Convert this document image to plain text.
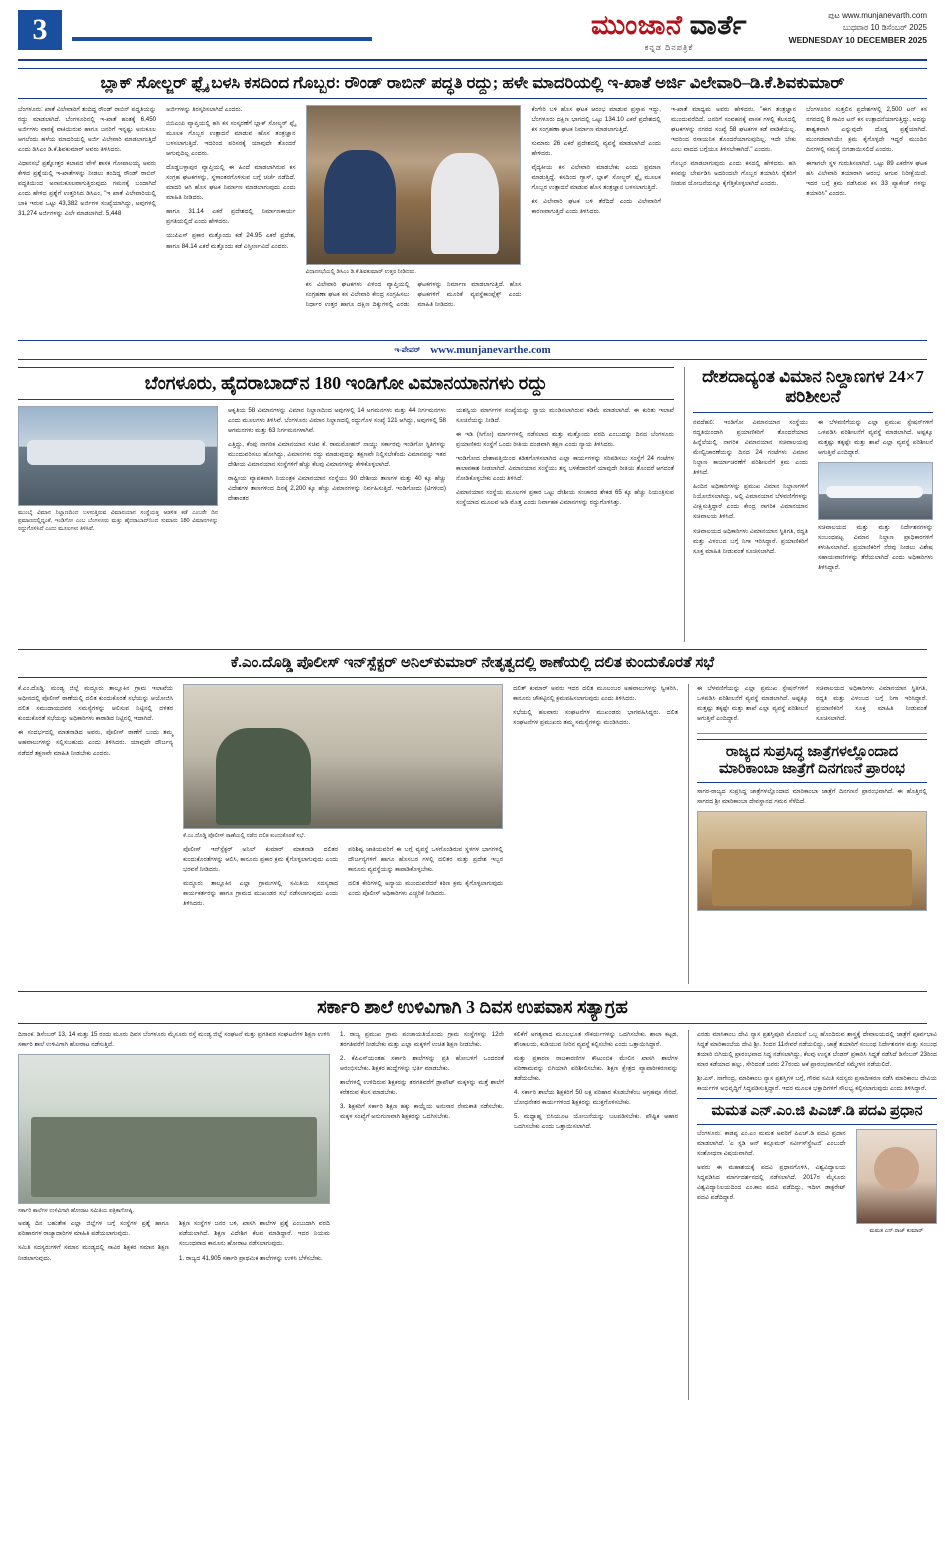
3	ಮುಂಜಾನೆ ವಾರ್ತೆ
ಕನ್ನಡ ದಿನಪತ್ರಿಕೆ
ಪುಟ www.munjanevarth.com
ಬುಧವಾರ 10 ಡಿಸೆಂಬರ್ 2025
WEDNESDAY 10 DECEMBER 2025
ಬ್ಲಾಕ್ ಸೋಲ್ಜರ್ ಫ್ಲೈ ಬಳಸಿ ಕಸದಿಂದ ಗೊಬ್ಬರ: ರೌಂಡ್ ರಾಬಿನ್ ಪದ್ಧತಿ ರದ್ದು; ಹಳೇ ಮಾದರಿಯಲ್ಲಿ ಇ-ಖಾತೆ ಅರ್ಜಿ ವಿಲೇವಾರಿ–ಡಿ.ಕೆ.ಶಿವಕುಮಾರ್

ಬೆಂಗಳೂರು: ಖಾತೆ ವಿಲೇವಾರಿಗೆ ತಂದಿದ್ದ ರೌಂಡ್ ರಾಬಿನ್ ಪದ್ಧತಿಯನ್ನು ರದ್ದು ಮಾಡಲಾಗಿದೆ. ಬೆಂಗಳೂರಿನಲ್ಲಿ ಇ-ಖಾತೆ ಹಂತಕ್ಕೆ 6,450 ಅರ್ಜಿಗಳು ವಾರಕ್ಕೆ ವಾಕಿಯಿರುವ ಹಾಗೂ ಜನರಿಗೆ ಇನ್ನಷ್ಟು ಅನುಕೂಲ ಆಗಲೆಂದು ಹಳೆಯ ಮಾದರಿಯಲ್ಲಿ ಅರ್ಜಿ ವಿಲೇವಾರಿ ಮಾಡಲಾಗುತ್ತಿದೆ ಎಂದು ಡಿಸಿಎಂ ಡಿ.ಕೆ.ಶಿವಕುಮಾರ್ ಅವರು ತಿಳಿಸಿದರು.

ವಿಧಾನಸಭೆ ಪ್ರಶ್ನೋತ್ತರ ಕಲಾಪದ ವೇಳೆ ಶಾಸಕ ಗೋಪಾಲಯ್ಯ ಅವರು ಕೇಳಿದ ಪ್ರಶ್ನೆಯಲ್ಲಿ ಇ-ಖಾತೆಗಳನ್ನು ನೀಡಲು ತಂದಿದ್ದ ರೌಂಡ್ ರಾಬಿನ್ ಪದ್ಧತಿಯಿಂದ ಅನಾನುಕೂಲವಾಗುತ್ತಿರುವುದು ಗಮನಕ್ಕೆ ಬಂದಾಗಿದೆ ಎಂದು ಹೇಳಿದ ಪ್ರಶ್ನೆಗೆ ಉತ್ತರಿಸಿದ ಡಿಸಿಎಂ, "ಇ ಖಾತೆ ವಿಲೇವಾರಿಯಲ್ಲಿ ಬಾಕಿ ಇರುವ ಒಟ್ಟು 43,382 ಅರ್ಜಿಗಳ ಸಂಖ್ಯೆಯಾಗಿದ್ದು, ಅವುಗಳಲ್ಲಿ 31,274 ಅರ್ಜಿಗಳನ್ನು ವಿಲೇ ಮಾಡಲಾಗಿದೆ. 5,448

ಅರ್ಜಿಗಳನ್ನು ತಿರಸ್ಕರಿಸಲಾಗಿದೆ ಎಂದರು.

ಬಿಬಿಎಂಪಿ ವ್ಯಾಪ್ತಿಯಲ್ಲಿ ಹಸಿ ಕಸ ಸಂಸ್ಕರಣೆಗೆ ಬ್ಲಾಕ್ ಸೋಲ್ಜರ್ ಫ್ಲೈ ಮೂಲಕ ಗೊಬ್ಬರ ಉತ್ಪಾದನೆ ಮಾಡುವ ಹೊಸ ತಂತ್ರಜ್ಞಾನ ಬಳಸಲಾಗುತ್ತಿದೆ. ಇದರಿಂದ ಪರಿಸರಕ್ಕೆ ಯಾವುದೇ ತೊಂದರೆ ಆಗುವುದಿಲ್ಲ ಎಂದರು.

ದೊಡ್ಡಬಳ್ಳಾಪುರ ವ್ಯಾಪ್ತಿಯಲ್ಲಿ ಈ ಹಿಂದೆ ಮಾಡಲಾಗಿರುವ ಕಸ ಸಂಗ್ರಹ ಘಟಕಗಳನ್ನು, ಸ್ಥಳಾಂತರಗೊಳಿಸುವ ಬಗ್ಗೆ ಚರ್ಚೆ ನಡೆದಿದೆ. ಮಾದರಿ ಆಗಿ ಹೊಸ ಘಟಕ ನಿರ್ಮಾಣ ಮಾಡಲಾಗುವುದು ಎಂದು ಮಾಹಿತಿ ನೀಡಿದರು.

ಹಾಗೂ 31.14 ಎಕರೆ ಪ್ರದೇಶದಲ್ಲಿ ನಿರ್ಮಾಣಕಾರ್ಯ ಪ್ರಗತಿಯಲ್ಲಿದೆ ಎಂದು ಹೇಳಿದರು.

ಯುಪಿಎಸ್ ಪ್ರಕಾರ ಮತ್ತೊಂದು ಕಡೆ 24.95 ಎಕರೆ ಪ್ರದೇಶ, ಹಾಗೂ 84.14 ಎಕರೆ ಮತ್ತೊಂದು ಕಡೆ ವಿಸ್ತೀರ್ಣವಿದೆ ಎಂದರು.

ವಿಧಾನಸಭೆಯಲ್ಲಿ ಡಿಸಿಎಂ ಡಿ.ಕೆ.ಶಿವಕುಮಾರ್ ಉತ್ತರ ನೀಡಿದರು.

ಕಸ ವಿಲೇವಾರಿ ಘಟಕಗಳು ಏಳಿಂದ ವ್ಯಾಪ್ತಿಯಲ್ಲಿ ಸಂಗ್ರಹಣಾ ಘಟಕ ಕಸ ವಿಲೇವಾರಿ ಕೇಂದ್ರ ಸಂಗ್ರಹಿಸಲು ನಿರ್ಧಾರ ಉತ್ತರ ಹಾಗೂ ದಕ್ಷಿಣ ದಿಕ್ಕುಗಳಲ್ಲಿ ಎರಡು ಘಟಕಗಳನ್ನು ನಿರ್ಮಾಣ ಮಾಡಲಾಗುತ್ತಿದೆ. ಹೊಸ ಘಟಕಗಳಿಗೆ ಮೂರಿಕೆ ವ್ಯವಸ್ಥೆಕಾಂಪ್ಲೆಕ್ಸ್ ಎಂದು ಮಾಹಿತಿ ನೀಡಿದರು.

ಕೆಂಗೇರಿ ಬಳಿ ಹೊಸ ಘಟಕ ಆರಂಭ ಮಾಡುವ ಪ್ರಸ್ತಾಪ ಇದ್ದು, ಬೆಂಗಳೂರು ದಕ್ಷಿಣ ಭಾಗದಲ್ಲಿ ಒಟ್ಟು 134.10 ಎಕರೆ ಪ್ರದೇಶದಲ್ಲಿ ಕಸ ಸಂಗ್ರಹಣಾ ಘಟಕ ನಿರ್ಮಾಣ ಮಾಡಲಾಗುತ್ತಿದೆ.

ಸುಮಾರು 26 ಎಕರೆ ಪ್ರದೇಶದಲ್ಲಿ ವ್ಯವಸ್ಥೆ ಮಾಡಲಾಗಿದೆ ಎಂದು ಹೇಳಿದರು.

ವೈದ್ಯಕೀಯ ಕಸ ವಿಲೇವಾರಿ ಮಾಡಬೇಕು ಎಂದು ಪ್ರಮಾಣ ಮಾಡುತ್ತಿದ್ದೆ. ಕಸದಿಂದ ಗ್ಯಾಸ್, ಬ್ಲಾಕ್ ಸೋಲ್ಜರ್ ಫ್ಲೈ ಮೂಲಕ ಗೊಬ್ಬರ ಉತ್ಪಾದನೆ ಮಾಡುವ ಹೊಸ ತಂತ್ರಜ್ಞಾನ ಬಳಸಲಾಗುತ್ತಿದೆ.

ಕಸ ವಿಲೇವಾರಿ ಘಟಕ ಬಳಿ ತೆರೆದಿದೆ ಎಂದು ವಿಲೇವಾರಿಗೆ ಕಾರಣವಾಗುತ್ತಿದೆ ಎಂದು ತಿಳಿಸಿದರು.

ಇ-ಖಾತೆ ಮಾಧ್ಯಮ ಅವರು ಹೇಳಿದರು. "ಈಗ ತಂತ್ರಜ್ಞಾನ ಮುಂದುವರೆದಿದೆ. ಜನರಿಗೆ ಸಂವಹನಕ್ಕೆ ವಾಸಕ ಗಳಲ್ಲಿ ಕೆಲಸದಲ್ಲಿ ಘಟಕಗಳನ್ನು ನಗರದ ಸಂಖ್ಯೆ 58 ಘಟಕಗಳ ಕಡೆ ವಾಡಿಕೆಯಿಲ್ಲ. ಇದರಿಂದ ರಸಾಯನಿಕ ತೊಂದರೆಯಾಗುವುದಿಲ್ಲ. ಇದೇ ಬೇಕು ಎಂಬ ವಾದದ ಬಗ್ಗೆಯೂ ತಿಳಿಸಬೇಕಾಗಿದೆ." ಎಂದರು.

ಗೊಬ್ಬರ ಮಾಡಲಾಗುವುದು ಎಂದು ಕಸದಲ್ಲಿ ಹೇಳಿದರು. ಹಸಿ ಕಸವನ್ನು ಬೇರ್ಪಡಿಸಿ ಅದರಿಂದಲೇ ಗೊಬ್ಬರ ತಯಾರಿಸಿ ರೈತರಿಗೆ ನೀಡುವ ಯೋಜನೆಯನ್ನೂ ಕೈಗೆತ್ತಿಕೊಳ್ಳಲಾಗಿದೆ ಎಂದರು.

ಬೆಂಗಳೂರಿನ ಸುತ್ತಲಿನ ಪ್ರದೇಶಗಳಲ್ಲಿ 2,500 ಟನ್ ಕಸ ನಗರದಲ್ಲಿ 8 ಸಾವಿರ ಟನ್ ಕಸ ಉತ್ಪಾದನೆಯಾಗುತ್ತಿದ್ದು, ಅದನ್ನು ಶಾಶ್ವತವಾಗಿ ಎನ್ನುವುದೇ ದೊಡ್ಡ ಪ್ರಶ್ನೆಯಾಗಿದೆ. ಮುಂಗಡವಾಗಿಯೇ ಕ್ರಮ ಕೈಗೊಳ್ಳದೇ ಇದ್ದರೆ ಮುಂದಿನ ದಿನಗಳಲ್ಲಿ ಸಮಸ್ಯೆ ಬಿಗಡಾಯಿಸಲಿದೆ ಎಂದರು.

ಈಗಾಗಲೇ ಸ್ಥಳ ಗುರುತಿಸಲಾಗಿದೆ. ಒಟ್ಟು 89 ಎಕರೆಗಳ ಘಟಕ ಹಸಿ ವಿಲೇವಾರಿ ತಯಾರಾಗಿ ಆರಂಭ ಆಗುವ ನಿರೀಕ್ಷೆಯಿದೆ. ಇದರ ಬಗ್ಗೆ ಕ್ರಮ ನಡೆಸಿರುವ ಕಸ 33 ಪ್ಯಾಕೇಜ್ ಗಳನ್ನು ತಯಾರಿಸಿ" ಎಂದರು.

ಇ-ಪೇಪರ್ www.munjanevarthe.com
ಬೆಂಗಳೂರು, ಹೈದರಾಬಾದ್‌ನ 180 ಇಂಡಿಗೋ ವಿಮಾನಯಾನಗಳು ರದ್ದು
ಮುಂಬೈ ವಿಮಾನ ನಿಲ್ದಾಣದಿಂದ ಬಳಸುತ್ತಿರುವ ವಿಮಾನಯಾನ ಸಂಸ್ಥೆಯತ್ತ ಆಡಳಿತ ಕಡೆ ಎಂಬರೇ ದಿನ ಪ್ರಮಾಣದಲ್ಲಿದ್ದಂತೆ, ಇಂಡಿಗೋ ಎಂಬ ಬೆಂಗಳೂರು ಮತ್ತು ಹೈದರಾಬಾದ್‌ನಿಂದ ಸುಮಾರು 180 ವಿಮಾನಗಳನ್ನು ರದ್ದುಗೊಳಿಸಿದೆ ಎಂದು ಮೂಲಗಳು ತಿಳಿಸಿವೆ.

ಆಕೃತಿಯ 58 ವಿಮಾನಗಳನ್ನು ವಿಮಾನ ನಿಲ್ದಾಣದಿಂದ ಅವುಗಳಲ್ಲಿ 14 ಅಗಮನಗಳು ಮತ್ತು 44 ನಿರ್ಗಮನಗಳು ಎಂದು ಮೂಲಗಳು ತಿಳಿಸಿವೆ. ಬೆಂಗಳೂರು ವಿಮಾನ ನಿಲ್ದಾಣದಲ್ಲಿ ರದ್ದುಗೊಳ ಸಂಖ್ಯೆ 121 ಆಗಿದ್ದು, ಅವುಗಳಲ್ಲಿ 58 ಆಗಮನಗಳು ಮತ್ತು 63 ನಿರ್ಗಮನಗಳಾಗಿವೆ.

ಎತ್ತಿದ್ದು, ಕೆಂಪು ನಾಗರಿಕ ವಿಮಾನಯಾನ ಸಚಿವ ಕೆ. ರಾಮಮೋಹನ್ ನಾಯ್ಡು ಸರ್ಕಾರವು ಇಂಡಿಗೋ ಸ್ಥಿತಿಗಳನ್ನು ಮುಂದುವರಿಸಲು ಹೋಗಿದ್ದು, ವಿಮಾನಗಳು ರದ್ದು ಮಾಡುವುದನ್ನು ತಕ್ಷಣವೇ ನಿಲ್ಲಿಸಬೇಕೆಂದು ವಿಮಾನವನ್ನು ಇತರ ದೇಶೀಯ ವಿಮಾನಯಾನ ಸಂಸ್ಥೆಗಳಿಗೆ ಹೆಚ್ಚು ಕೆಲವು ವಿಮಾನಗಳನ್ನು ಕೇಳಿಕೊಳ್ಳಲಾಗಿದೆ.

ರಾಷ್ಟ್ರೀಯ ವ್ಯಾಪಕವಾಗಿ ನಿಯಂತ್ರಕ ವಿಮಾನಯಾನ ಸಂಸ್ಥೆಯು 90 ದೇಶೀಯ ತಾಣಗಳ ಮತ್ತು 40 ಕ್ಕೂ ಹೆಚ್ಚು ವಿದೇಶಗಳ ತಾಣಗಳಿಂದ ದಿನಕ್ಕೆ 2,200 ಕ್ಕೂ ಹೆಚ್ಚು ವಿಮಾನಗಳನ್ನು ನಿರ್ವಹಿಸುತ್ತಿದೆ. ಇಂಡಿಗೋದು (ಟಿಗಳಿಂದ) ದೇಶಾಂತರ

ಯಶಸ್ವಿಯ ಮಾರ್ಗಗಳ ಸಂಖ್ಯೆಯನ್ನು ನ್ಯಾಯ ಮಂಡಿಸಲಾಗಿರುವ ಕಡಿಮೆ ಮಾಡಲಾಗಿದೆ. ಈ ಕುರಿತು ಇಲಾಖೆ ಸೂಚನೆಯನ್ನು ನೀಡಿದೆ.

ಈ ಇಡಿ (ಸಿಗೋ) ಮಾರ್ಗಗಳಲ್ಲಿ ನಡೆಸಲಾದ ಮತ್ತು ಮತ್ತೊಂದು ವರದಿ ಎಂಬುದನ್ನು ದಿನದ ಬೆಂಗಳೂರು ಪ್ರಯಾಣಿಕರು ಸಂಸ್ಥೆಗೆ ಒಂದು ರೀತಿಯ ದಂಡವಾಗಿ ತಕ್ಷಣ ಎಂದು ನ್ಯಾಯ ತಿಳಿಸಿದರು.

ಇಂಡಿಗೋದ ದೇಶಾಪತ್ತಿಯಿಂದ ಕಡಿತಗೊಳಿಸಲಾಗಿದ ಎಲ್ಲಾ ಕಾರ್ಯಗಳನ್ನು ಸರಿಪಡಿಸಲು ಸಂಸ್ಥೆಗೆ 24 ಗಂಟೆಗಳ ಕಾಲಾವಕಾಶ ನೀಡಲಾಗಿದೆ. ವಿಮಾನಯಾನ ಸಂಸ್ಥೆಯು ತನ್ನ ಬಳಕೆದಾರರಿಗೆ ಯಾವುದೇ ರೀತಿಯ ತೊಂದರೆ ಆಗದಂತೆ ನೋಡಿಕೊಳ್ಳಬೇಕು ಎಂದು ತಿಳಿಸಿದೆ.

ವಿಮಾನಯಾನ ಸಂಸ್ಥೆಯ ಮೂಲಗಳ ಪ್ರಕಾರ ಒಟ್ಟು ದೇಶೀಯ ಸಂಚಾರದ ಶೇಕಡ 65 ಕ್ಕೂ ಹೆಚ್ಚು ನಿಯಂತ್ರಿಸುವ ಸಂಸ್ಥೆಯಾದ ಮೂಲವ ಅಡಿ ಮೊತ್ತ ಎಂದು ನಿರ್ವಾಹಕ ವಿಮಾನಗಳನ್ನು ರದ್ದುಗೊಳಿಸಿತ್ತು.

ದೇಶದಾದ್ಯಂತ ವಿಮಾನ ನಿಲ್ದಾಣಗಳ 24×7 ಪರಿಶೀಲನೆ

ನವದೆಹಲಿ: ಇಂಡಿಗೋ ವಿಮಾನಯಾನ ಸಂಸ್ಥೆಯು ರದ್ದತಿಯಿಂದಾಗಿ ಪ್ರಯಾಣಿಕರಿಗೆ ತೊಂದರೆಯಾದ ಹಿನ್ನೆಲೆಯಲ್ಲಿ ನಾಗರಿಕ ವಿಮಾನಯಾನ ಸಚಿವಾಲಯವು ಮೇಲ್ವಿಚಾರಣೆಯನ್ನು ದಿನದ 24 ಗಂಟೆಗಳು ವಿಮಾನ ನಿಲ್ದಾಣ ಕಾರ್ಯಾಚರಣೆಗೆ ಪರಿಶೀಲನೆಗೆ ಕ್ರಮ ಎಂದು ತಿಳಿಸಿದೆ.

ಹಿಂದಿನ ಅಧಿಕಾರಿಗಳನ್ನು ಪ್ರಮುಖ ವಿಮಾನ ನಿಲ್ದಾಣಗಳಿಗೆ ನಿಯೋಜಿಸಲಾಗಿದ್ದು, ಅಲ್ಲಿ ವಿಮಾನಯಾನ ಬೆಳವಣಿಗೆಗಳನ್ನು ವೀಕ್ಷಿಸುತ್ತಿದ್ದಾರೆ ಎಂದು ಕೇಂದ್ರ ನಾಗರಿಕ ವಿಮಾನಯಾನ ಸಚಿವಾಲಯ ತಿಳಿಸಿದೆ.

ಸಚಿವಾಲಯದ ಅಧಿಕಾರಿಗಳು ವಿಮಾನಯಾನ ಸ್ಥಿತಿಗತಿ, ರದ್ದತಿ ಮತ್ತು ವಿಳಂಬದ ಬಗ್ಗೆ ನಿಗಾ ಇರಿಸಿದ್ದಾರೆ. ಪ್ರಯಾಣಿಕರಿಗೆ ಸೂಕ್ತ ಮಾಹಿತಿ ನೀಡುವಂತೆ ಸೂಚಿಸಲಾಗಿದೆ.

ಈ ಬೆಳವಣಿಗೆಯನ್ನು ಎಲ್ಲಾ ಪ್ರಮುಖ ಸ್ಟೇಷನ್‌ಗಳಿಗೆ ಒಳಪಡಿಸಿ ಪರಿಶೀಲನೆಗೆ ವ್ಯವಸ್ಥೆ ಮಾಡಲಾಗಿದೆ. ಅಷ್ಟಕ್ಕೂ ಮತ್ತಷ್ಟು ತಕ್ಕಷ್ಟೇ ಮತ್ತು ಶಾಖೆ ಎಲ್ಲಾ ವ್ಯವಸ್ಥೆ ಪರಿಶೀಲನೆ ಆಗುತ್ತಿವೆ ಎಂದಿದ್ದಾರೆ.

ಸಚಿವಾಲಯದ ಮತ್ತು ಮತ್ತು ನಿರ್ದೇಶನಗಳನ್ನು ಸಂಬಂಧಪಟ್ಟ ವಿಮಾನ ನಿಲ್ದಾಣ ಪ್ರಾಧಿಕಾರಗಳಿಗೆ ಕಳುಹಿಸಲಾಗಿದೆ. ಪ್ರಯಾಣಿಕರಿಗೆ ನೆರವು ನೀಡಲು ವಿಶೇಷ ಸಹಾಯವಾಣಿಗಳನ್ನು ತೆರೆಯಲಾಗಿದೆ ಎಂದು ಅಧಿಕಾರಿಗಳು ತಿಳಿಸಿದ್ದಾರೆ.

ಕೆ.ಎಂ.ದೊಡ್ಡಿ ಪೊಲೀಸ್ ಇನ್‌ಸ್ಪೆಕ್ಟರ್ ಅನಿಲ್‌ಕುಮಾರ್ ನೇತೃತ್ವದಲ್ಲಿ ಠಾಣೆಯಲ್ಲಿ ದಲಿತ ಕುಂದುಕೊರತೆ ಸಭೆ

ಕೆ.ಎಂ.ದೊಡ್ಡಿ: ಮಂಡ್ಯ ಜಿಲ್ಲೆ ಮದ್ದೂರು ತಾಲ್ಲೂಕಿನ ಗ್ರಾಮ ಇಲಾಖೆಯ ಅಧೀನದಲ್ಲಿ ಪೊಲೀಸ್ ಠಾಣೆಯಲ್ಲಿ ದಲಿತ ಕುಂದುಕೊರತೆ ಸಭೆಯನ್ನು ಆಯೋಜಿಸಿ ದಲಿತ ಸಮುದಾಯದವರ ಸಮಸ್ಯೆಗಳನ್ನು ಆಲಿಸುವ ನಿಟ್ಟಿನಲ್ಲಿ ದಳಿತರ ಕುಂದುಕೊರತೆ ಸಭೆಯನ್ನು ಅಧಿಕಾರಿಗಳು ಕಾರಾಡಿದ ನಿಟ್ಟಿನಲ್ಲಿ ಇದಾಗಿದೆ.

ಈ ಸಂದರ್ಭದಲ್ಲಿ ಮಾತನಾಡಿದ ಅವರು, ಪೊಲೀಸ್ ಠಾಣೆಗೆ ಬಂದು ತಮ್ಮ ಅಹವಾಲುಗಳನ್ನು ಸಲ್ಲಿಸಬಹುದು ಎಂದು ತಿಳಿಸಿದರು. ಯಾವುದೇ ದೌರ್ಜನ್ಯ ನಡೆದರೆ ತಕ್ಷಣವೇ ಮಾಹಿತಿ ನೀಡಬೇಕು ಎಂದರು.

ಕೆ.ಎಂ.ದೊಡ್ಡಿ ಪೊಲೀಸ್ ಠಾಣೆಯಲ್ಲಿ ನಡೆದ ದಲಿತ ಕುಂದುಕೊರತೆ ಸಭೆ.

ಪೊಲೀಸ್ ಇನ್‌ಸ್ಪೆಕ್ಟರ್ ಅನಿಲ್ ಕುಮಾರ್ ಮಾತನಾಡಿ ದಲಿತರ ಕುಂದುಕೊರತೆಗಳನ್ನು ಆಲಿಸಿ, ಕಾನೂನು ಪ್ರಕಾರ ಕ್ರಮ ಕೈಗೊಳ್ಳಲಾಗುವುದು ಎಂದು ಭರವಸೆ ನೀಡಿದರು.

ಮದ್ದೂರು ತಾಲ್ಲೂಕಿನ ಎಲ್ಲಾ ಗ್ರಾಮಗಳಲ್ಲಿ ಸಮಿತಿಯ ಸದಸ್ಯರಾದ ಕಾರ್ಯಕರ್ತರನ್ನು ಹಾಗೂ ಗ್ರಾಮದ ಮುಖಂಡರ ಸಭೆ ನಡೆಸಲಾಗುವುದು ಎಂದು ತಿಳಿಸಿದರು.

ಪರಿಶಿಷ್ಟ ಜಾತಿಯವರಿಗೆ ಈ ಬಗ್ಗೆ ವ್ಯವಸ್ಥೆ ಒಳಗೊಂಡಿರುವ ಸ್ಥಳಗಳ ಭಾಗಗಳಲ್ಲಿ ದೌರ್ಜನ್ಯಗಳಿಗೆ ಹಾಗೂ ಹೊಸಬರ ಗಳಲ್ಲಿ ದಲಿತರ ಮತ್ತು ಪ್ರದೇಶ ಇಬ್ಬರ ಕಾನೂನು ವ್ಯವಸ್ಥೆಯನ್ನು ಕಾಪಾಡಿಕೊಳ್ಳಬೇಕು.

ದಲಿತ ಕೇರಿಗಳಲ್ಲಿ ಅನ್ಯಾಯ ಮುಂದುವರೆದರೆ ಕಠಿಣ ಕ್ರಮ ಕೈಗೊಳ್ಳಲಾಗುವುದು ಎಂದು ಪೊಲೀಸ್ ಅಧಿಕಾರಿಗಳು ಎಚ್ಚರಿಕೆ ನೀಡಿದರು.

ದಲಿತ್ ಕುಮಾರ್ ಅವರು ಇದರ ದಲಿತ ಮೂಲಂಬರ ಅಹವಾಲುಗಳನ್ನು ಸ್ವೀಕರಿಸಿ, ಕಾನೂನು ಚೌಕಟ್ಟಿನಲ್ಲಿ ಕ್ರಮವಹಿಸಲಾಗುವುದು ಎಂದು ತಿಳಿಸಿದರು.

ಸಭೆಯಲ್ಲಿ ಹಲವಾರು ಸಂಘಟನೆಗಳ ಮುಖಂಡರು ಭಾಗವಹಿಸಿದ್ದರು. ದಲಿತ ಸಂಘಟನೆಗಳ ಪ್ರಮುಖರು ತಮ್ಮ ಸಮಸ್ಯೆಗಳನ್ನು ಮಂಡಿಸಿದರು.

ಈ ಬೆಳವಣಿಗೆಯನ್ನು ಎಲ್ಲಾ ಪ್ರಮುಖ ಸ್ಟೇಷನ್‌ಗಳಿಗೆ ಒಳಪಡಿಸಿ ಪರಿಶೀಲನೆಗೆ ವ್ಯವಸ್ಥೆ ಮಾಡಲಾಗಿದೆ. ಅಷ್ಟಕ್ಕೂ ಮತ್ತಷ್ಟು ತಕ್ಕಷ್ಟೇ ಮತ್ತು ಶಾಖೆ ಎಲ್ಲಾ ವ್ಯವಸ್ಥೆ ಪರಿಶೀಲನೆ ಆಗುತ್ತಿವೆ ಎಂದಿದ್ದಾರೆ.

ಸಚಿವಾಲಯದ ಅಧಿಕಾರಿಗಳು ವಿಮಾನಯಾನ ಸ್ಥಿತಿಗತಿ, ರದ್ದತಿ ಮತ್ತು ವಿಳಂಬದ ಬಗ್ಗೆ ನಿಗಾ ಇರಿಸಿದ್ದಾರೆ. ಪ್ರಯಾಣಿಕರಿಗೆ ಸೂಕ್ತ ಮಾಹಿತಿ ನೀಡುವಂತೆ ಸೂಚಿಸಲಾಗಿದೆ.

ರಾಜ್ಯದ ಸುಪ್ರಸಿದ್ಧ ಜಾತ್ರೆಗಳಲ್ಲೊಂದಾದ ಮಾರಿಕಾಂಬಾ ಜಾತ್ರೆಗೆ ದಿನಗಣನೆ ಪ್ರಾರಂಭ

ಸಾಗರ-ರಾಜ್ಯದ ಸುಪ್ರಸಿದ್ಧ ಜಾತ್ರೆಗಳಲ್ಲೊಂದಾದ ಮಾರಿಕಾಂಬಾ ಜಾತ್ರೆಗೆ ದಿನಗಣನೆ ಪ್ರಾರಂಭವಾಗಿದೆ. ಈ ಹೊತ್ತಿನಲ್ಲಿ ಸಾಗರದ ಶ್ರೀ ಮಾರಿಕಾಂಬಾ ದೇವಸ್ಥಾನದ ಗಮನ ಸೆಳೆದಿದೆ.

ಸರ್ಕಾರಿ ಶಾಲೆ ಉಳಿವಿಗಾಗಿ 3 ದಿವಸ ಉಪವಾಸ ಸತ್ಯಾಗ್ರಹ

ದಿನಾಂಕ: ಡಿಸೆಂಬರ್ 13, 14 ಮತ್ತು 15 ರಂದು ಮೂರು ದಿವಸ ಬೆಂಗಳೂರು ಮೈಸೂರು ರಸ್ತೆ ಮಂಡ್ಯ ಜಿಲ್ಲೆ ಸಂಘಟನೆ ಮತ್ತು ಪ್ರಗತಿಪರ ಸಂಘಟನೆಗಳ ಶಿಕ್ಷಣ ಉಳಿಸಿ ಸರ್ಕಾರಿ ಶಾಲೆ ಉಳಿವಿಗಾಗಿ ಹೋರಾಟ ನಡೆಸುತ್ತಿದೆ.

ಸರ್ಕಾರಿ ಶಾಲೆಗಳ ಉಳಿವಿಗಾಗಿ ಹೋರಾಟ ಸಮಿತಿಯ ಪತ್ರಿಕಾಗೋಷ್ಠಿ.

ಅವಶ್ಯ ದಿನ ಬಹುತೇಕ ಎಲ್ಲಾ ಜಿಲ್ಲೆಗಳ ಬಗ್ಗೆ ಸಂಸ್ಥೆಗಳ ಪ್ರಶ್ನೆ ಹಾಗೂ ಪರಿಹಾರಗಳ ರಾಜ್ಯಾದಾರಿಗಳ ಮಾಹಿತಿ ಪಡೆಯಲಾಗುವುದು.

ಸಮಿತಿ ಸದಸ್ಯರುಗಳಿಗೆ ಸಮಾನ ಮಂಡ್ಯದಲ್ಲಿ ಸಾವಿರ ಶಿಕ್ಷಕರ ಸಮಾನ ಶಿಕ್ಷಣ ನೀಡಲಾಗುವುದು.

ಶಿಕ್ಷಣ ಸಂಸ್ಥೆಗಳ ಜನರ ಬಳಿ, ಖಾಸಗಿ ಶಾಲೆಗಳ ಪ್ರಶ್ನೆ ಎಂಬುದಾಗಿ ವರದಿ ಪಡೆಯಲಾಗಿದೆ. ಶಿಕ್ಷಣ ವಿದೇಶಿಗ ಕೆಲವ ಮಾಡಿದ್ದಾರೆ. ಇದರ ನಿಯಮ ಸಂಬಂಧವಾದ ಕಾನೂನು ಹೋರಾಟ ನಡೆಸಲಾಗುವುದು.

1. ರಾಜ್ಯದ 41,905 ಸರ್ಕಾರಿ ಪ್ರಾಥಮಿಕ ಶಾಲೆಗಳನ್ನು ಉಳಿಸಿ ಬೆಳೆಸಬೇಕು.

1. ರಾಜ್ಯ ಪ್ರಮುಖ ಗ್ರಾಮ ಪಂಚಾಯತಿಯೊಂದು ಗ್ರಾಮ ಸಂಸ್ಥೆಗಳನ್ನು 12ನೇ ತರಗತಿವರೆಗೆ ನೀಡಬೇಕು ಮತ್ತು ಎಲ್ಲಾ ಮಕ್ಕಳಿಗೆ ಉಚಿತ ಶಿಕ್ಷಣ ನೀಡಬೇಕು.

2. ಕೆಪಿಎಸ್‌ಯಂತಹ ಸರ್ಕಾರಿ ಶಾಲೆಗಳನ್ನು ಪ್ರತಿ ಹೋಬಳಿಗೆ ಒಂದರಂತೆ ಆರಂಭಿಸಬೇಕು. ಶಿಕ್ಷಕರ ಹುದ್ದೆಗಳನ್ನು ಭರ್ತಿ ಮಾಡಬೇಕು.

ಶಾಲೆಗಳಲ್ಲಿ ಉಳಿದಿರುವ ಶಿಕ್ಷಕರನ್ನು ತರಗತಿವರೆಗೆ ಡ್ರಾಪೌಟ್ ಮಕ್ಕಳನ್ನು ಮತ್ತೆ ಶಾಲೆಗೆ ಕರೆತರುವ ಕೆಲಸ ಮಾಡಬೇಕು.

3. ಶಿಕ್ಷಕರಿಗೆ ಸರ್ಕಾರಿ ಶಿಕ್ಷಣ ಹಕ್ಕು ಕಾಯ್ದೆಯ ಅನುಸಾರ ನೇಮಕಾತಿ ನಡೆಸಬೇಕು. ಮಕ್ಕಳ ಸಂಖ್ಯೆಗೆ ಅನುಗುಣವಾಗಿ ಶಿಕ್ಷಕರನ್ನು ಒದಗಿಸಬೇಕು.

ಕಲಿಕೆಗೆ ಅಗತ್ಯವಾದ ಮೂಲಭೂತ ಸೌಕರ್ಯಗಳನ್ನು ಒದಗಿಸಬೇಕು. ಶಾಲಾ ಕಟ್ಟಡ, ಶೌಚಾಲಯ, ಕುಡಿಯುವ ನೀರಿನ ವ್ಯವಸ್ಥೆ ಕಲ್ಪಿಸಬೇಕು ಎಂದು ಒತ್ತಾಯಿಸಿದ್ದಾರೆ.

ಮತ್ತು ಪ್ರಕಾರಣ ರಾಜಕಾರಣಿಗಳ ಕೌಟುಂಬಿಕ ಮೇಲಿನ ಖಾಸಗಿ ಶಾಲೆಗಳ ಪರಿಣಾಮವನ್ನು ಬಿಗಿಯಾಗಿ ಪರಿಶೀಲಿಸಬೇಕು. ಶಿಕ್ಷಣ ಕ್ಷೇತ್ರದ ವ್ಯಾಪಾರೀಕರಣವನ್ನು ತಡೆಯಬೇಕು.

4. ಸರ್ಕಾರಿ ಶಾಲೆಯ ಶಿಕ್ಷಕರಿಗೆ 50 ಲಕ್ಷ ಪರಿಹಾರ ಕೊಡಬೇಕೆಂಬ ಆಗ್ರಹವೂ ಸೇರಿದೆ. ಬೋಧನೇತರ ಕಾರ್ಯಗಳಿಂದ ಶಿಕ್ಷಕರನ್ನು ಮುಕ್ತಗೊಳಿಸಬೇಕು.

5. ಮಧ್ಯಾಹ್ನ ಬಿಸಿಯೂಟ ಯೋಜನೆಯನ್ನು ಬಲಪಡಿಸಬೇಕು. ಪೌಷ್ಟಿಕ ಆಹಾರ ಒದಗಿಸಬೇಕು ಎಂದು ಒತ್ತಾಯಿಸಲಾಗಿದೆ.

ಎರಡು ಮಾಸಿಕಾಂಬ ದೇವಿ ನ್ಯಾಸ ಪ್ರಶಸ್ತಿಪೂರಿ ಮೊದಲನೆ ಒಬ್ಬ ಹೊಂದಿರುವ ಶಾಸ್ತ್ರಕ್ಕೆ ದೇವಾಲಯದಲ್ಲಿ ಜಾತ್ರೆಗೆ ಪೂರ್ವಭಾವಿ ಸಿದ್ಧತೆ ಮಾರಿಕಾಂಬೆಯ ದೇವಿ ಶ್ರೀ. 3ಂದರ 11ನೇವರೆ ನಡೆಯಲಿದ್ದು, ಜಾತ್ರೆ ತಯಾರಿಗೆ ಸಂಬಂಧ ನಿರ್ದೇಶನಗಳ ಮತ್ತು ಸಂಬಂಧ ತಯಾರಿ ಬಿಗಿಯಲ್ಲಿ ಪ್ರಾರಂಭವಾದ ಸಿದ್ಧ ನಡೆಸಲಾಗಿದ್ದು, ಕೆಲವು ಉನ್ನತ ಬೆಂಡರ್ ಪ್ರಕಾರಿಸಿ ಸಿದ್ಧತೆ ನಡೆಸಿದೆ ಡಿಸೆಂಬರ್ 23ರಿಂದ ಮಾರ ಕಡೆಯಾದ ಹಲ್ಲು, ಸೇರಿದಂತೆ ಜನರು 27ರಂದು ಆಕೆ ಪ್ರಾರಂಭವಾಗಲಿದೆ ಸಮ್ಮೇಳನ ನಡೆಯಲಿದೆ.

ಶ್ರೀ.ಎಸ್. ನಾಗೇಂದ್ರ, ಮಾರಿಕಾಂಬ ನ್ಯಾಸ ಪ್ರಶಸ್ತಿಗಳ ಬಗ್ಗೆ, ಗೌರವ ಸಮಿತಿ ಸದಸ್ಯರು ಪ್ರಸಾದೀಕರಣ ನಡೆಸಿ ಮಾರಿಕಾಂಬ ದೇವಿಯ ಕಾರ್ಯಗಳ ಅಭಿವೃದ್ಧಿಗೆ ಸಿದ್ಧಪಡಿಸುತ್ತಿದ್ದಾರೆ. ಇದರ ಮೂಲಕ ಭಕ್ತಾದಿಗಳಿಗೆ ಸೌಲಭ್ಯ ಕಲ್ಪಿಸಲಾಗುವುದು ಎಂದು ತಿಳಿಸಿದ್ದಾರೆ.

ಮಮತ ಎನ್.ಎಂ.ಜಿ ಪಿಎಚ್.ಡಿ ಪದವಿ ಪ್ರಧಾನ

ಬೆಂಗಳೂರು: ಕಾಡಪ್ಪ ಎಂ.ಎಂ ಮಮತ ಅವರಿಗೆ ಪಿಎಚ್.ಡಿ ಪದವಿ ಪ್ರದಾನ ಮಾಡಲಾಗಿದೆ. 'ಎ ಸ್ಟಡಿ ಆನ್ ಕನ್ಸೂಮರ್ ಸರ್ವೀಸ್‌ಸ್ಟ್ರೇಟಜಿ' ಎಂಬುದೇ ಸಂಶೋಧನಾ ವಿಷಯವಾಗಿದೆ.

ಅವರು ಈ ಮಹಾಶಯಕ್ಕೆ ಪದವಿ ಪ್ರಧಾನಗೊಳಿಸಿ, ವಿಶ್ವವಿದ್ಯಾಲಯ ಸಿದ್ಧಪಡಿಸಿದ ಮಾರ್ಗದರ್ಶನದಲ್ಲಿ ನಡೆಸಲಾಗಿದೆ. 2017ರ ಮೈಸೂರು ವಿಶ್ವವಿದ್ಯಾನಿಲಯದಿಂದ ಎಂ.ಕಾಂ ಪದವಿ ಪಡೆದಿದ್ದು, ಇದೀಗ ಡಾಕ್ಟರೇಟ್ ಪದವಿ ಪಡೆದಿದ್ದಾರೆ.

ಮಮತ ಎನ್.ರಾಜ್ ಕುಮಾರ್
